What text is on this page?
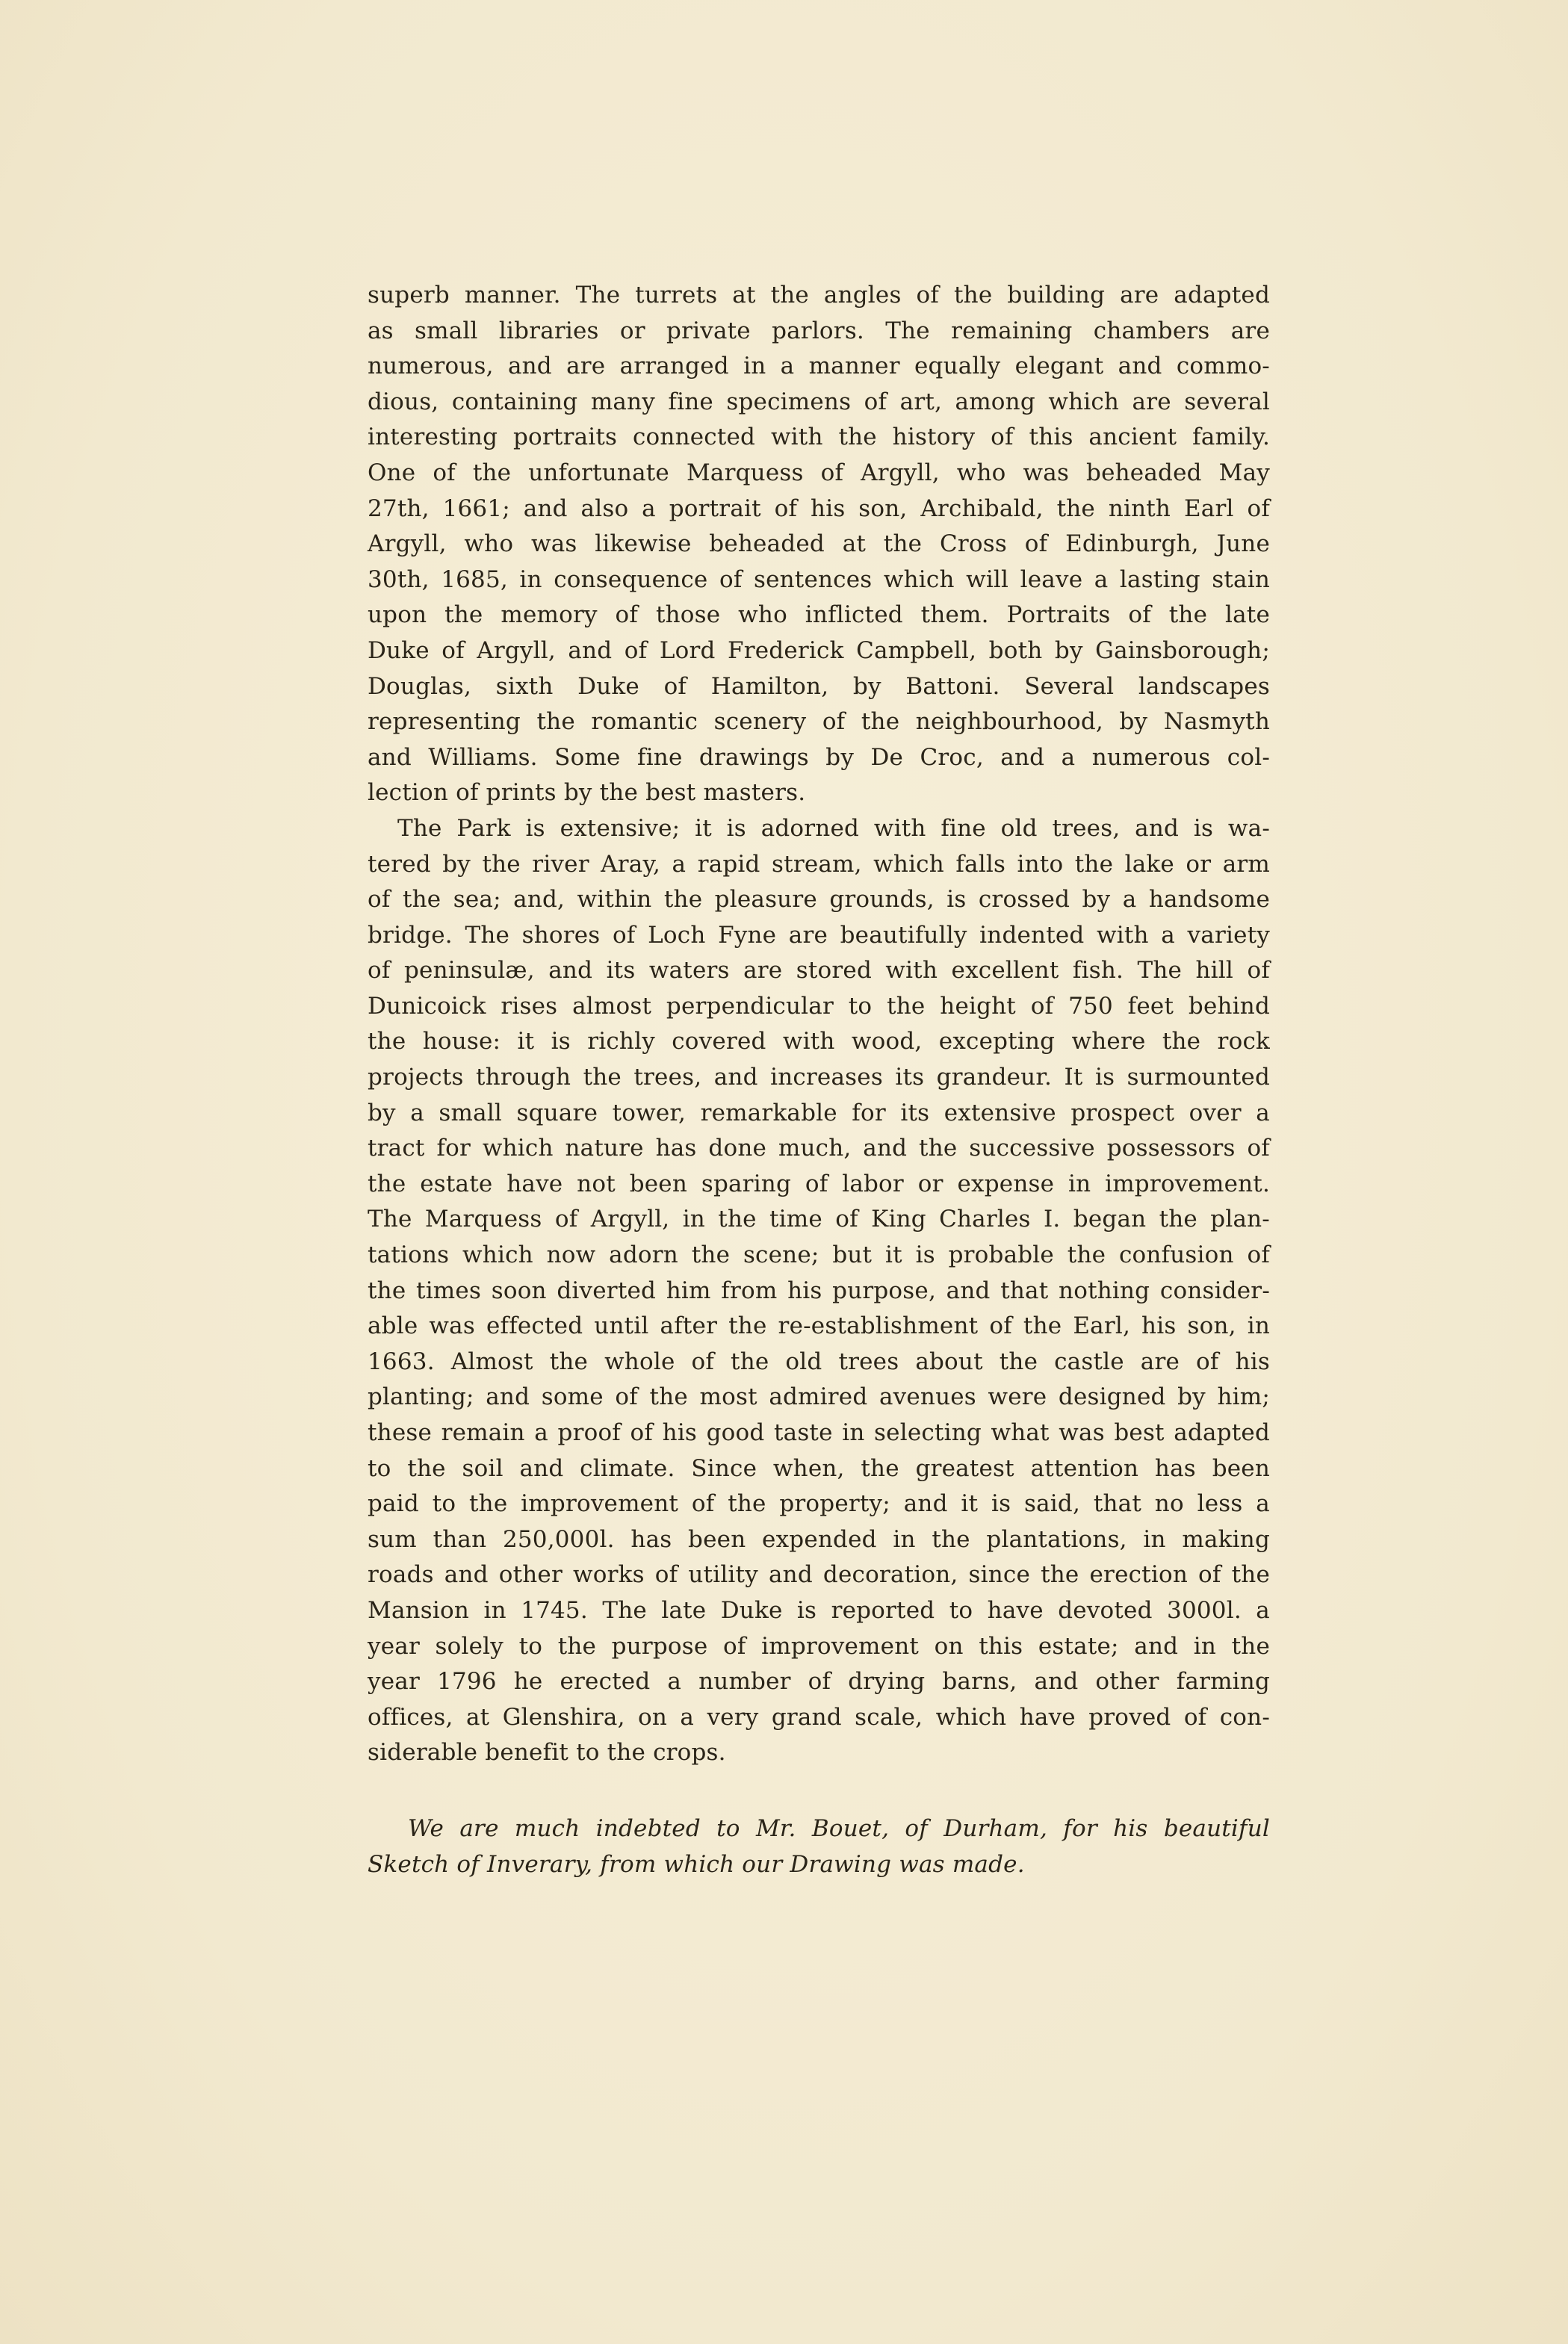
superb manner. The turrets at the angles of the building are adapted
as small libraries or private parlors. The remaining chambers are
numerous, and are arranged in a manner equally elegant and commo-
dious, containing many fine specimens of art, among which are several
interesting portraits connected with the history of this ancient family.
One of the unfortunate Marquess of Argyll, who was beheaded May
27th, 1661; and also a portrait of his son, Archibald, the ninth Earl of
Argyll, who was likewise beheaded at the Cross of Edinburgh, June
30th, 1685, in consequence of sentences which will leave a lasting stain
upon the memory of those who inflicted them. Portraits of the late
Duke of Argyll, and of Lord Frederick Campbell, both by Gainsborough;
Douglas, sixth Duke of Hamilton, by Battoni. Several landscapes
representing the romantic scenery of the neighbourhood, by Nasmyth
and Williams. Some fine drawings by De Croc, and a numerous col-
lection of prints by the best masters.
The Park is extensive; it is adorned with fine old trees, and is wa-
tered by the river Aray, a rapid stream, which falls into the lake or arm
of the sea; and, within the pleasure grounds, is crossed by a handsome
bridge. The shores of Loch Fyne are beautifully indented with a variety
of peninsulæ, and its waters are stored with excellent fish. The hill of
Dunicoick rises almost perpendicular to the height of 750 feet behind
the house: it is richly covered with wood, excepting where the rock
projects through the trees, and increases its grandeur. It is surmounted
by a small square tower, remarkable for its extensive prospect over a
tract for which nature has done much, and the successive possessors of
the estate have not been sparing of labor or expense in improvement.
The Marquess of Argyll, in the time of King Charles I. began the plan-
tations which now adorn the scene; but it is probable the confusion of
the times soon diverted him from his purpose, and that nothing consider-
able was effected until after the re-establishment of the Earl, his son, in
1663. Almost the whole of the old trees about the castle are of his
planting; and some of the most admired avenues were designed by him;
these remain a proof of his good taste in selecting what was best adapted
to the soil and climate. Since when, the greatest attention has been
paid to the improvement of the property; and it is said, that no less a
sum than 250,000l. has been expended in the plantations, in making
roads and other works of utility and decoration, since the erection of the
Mansion in 1745. The late Duke is reported to have devoted 3000l. a
year solely to the purpose of improvement on this estate; and in the
year 1796 he erected a number of drying barns, and other farming
offices, at Glenshira, on a very grand scale, which have proved of con-
siderable benefit to the crops.
We are much indebted to Mr. Bouet, of Durham, for his beautiful
Sketch of Inverary, from which our Drawing was made.
